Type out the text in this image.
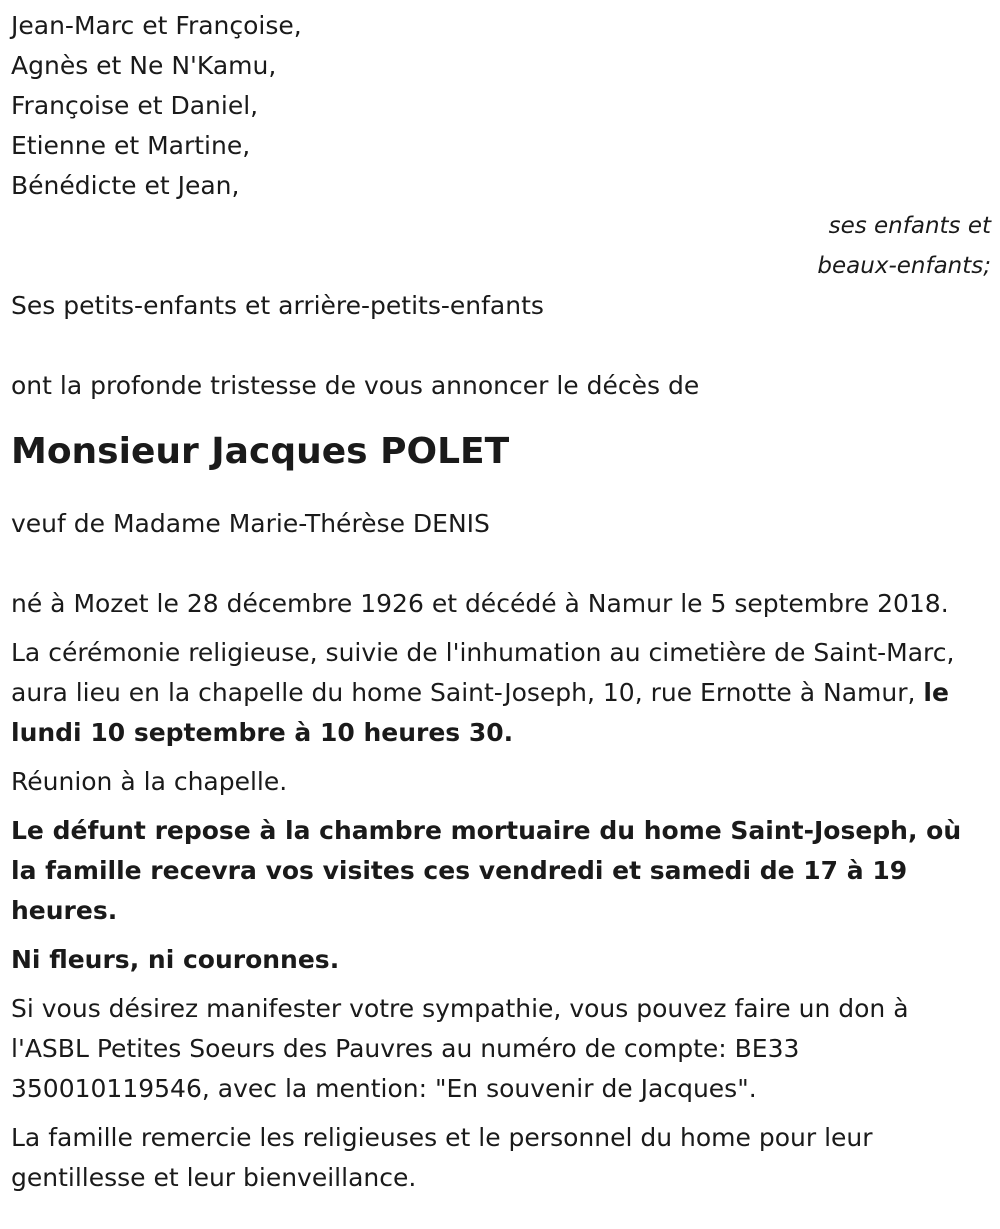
Jean-Marc et Françoise,
Agnès et Ne N'Kamu,
Françoise et Daniel,
Etienne et Martine,
Bénédicte et Jean,
ses enfants et
beaux-enfants;
Ses petits-enfants et arrière-petits-enfants
ont la profonde tristesse de vous annoncer le décès de
Monsieur Jacques POLET
veuf de Madame Marie-Thérèse DENIS

né à Mozet le 28 décembre 1926 et décédé à Namur le 5 septembre 2018.

La cérémonie religieuse, suivie de l'inhumation au cimetière de Saint-Marc, aura lieu en la chapelle du home Saint-Joseph, 10, rue Ernotte à Namur, le lundi 10 septembre à 10 heures 30.

Réunion à la chapelle.

Le défunt repose à la chambre mortuaire du home Saint-Joseph, où la famille recevra vos visites ces vendredi et samedi de 17 à 19 heures.

Ni fleurs, ni couronnes.

Si vous désirez manifester votre sympathie, vous pouvez faire un don à l'ASBL Petites Soeurs des Pauvres au numéro de compte: BE33 350010119546, avec la mention: "En souvenir de Jacques".

La famille remercie les religieuses et le personnel du home pour leur gentillesse et leur bienveillance.
